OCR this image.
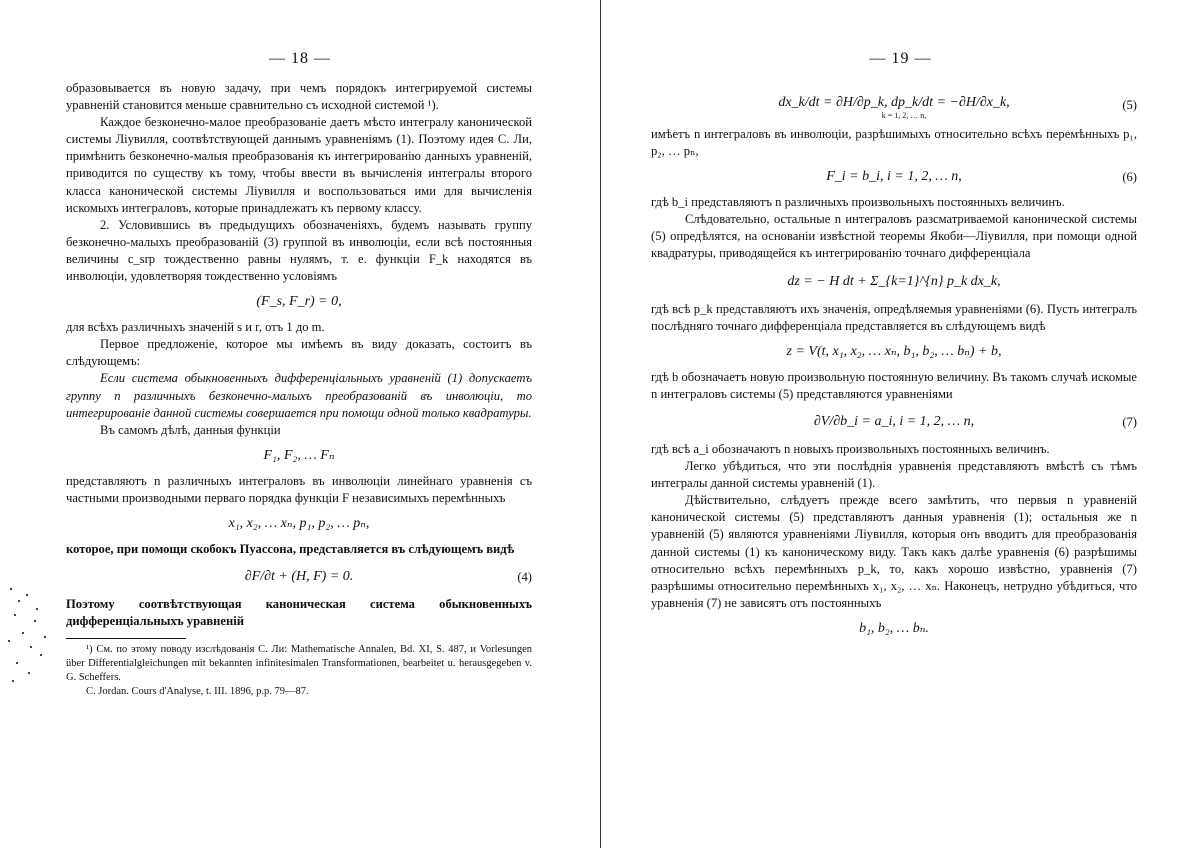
— 18 —

образовывается въ новую задачу, при чемъ порядокъ интегрируемой системы уравненій становится меньше сравнительно съ исходной системой ¹).

Каждое безконечно-малое преобразованіе даетъ мѣсто интегралу канонической системы Ліувилля, соотвѣтствующей даннымъ уравненіямъ (1). Поэтому идея С. Ли, примѣнить безконечно-малыя преобразованія къ интегрированію данныхъ уравненій, приводится по существу къ тому, чтобы ввести въ вычисленія интегралы второго класса канонической системы Ліувилля и воспользоваться ими для вычисленія искомыхъ интеграловъ, которые принадлежатъ къ первому классу.

2. Условившись въ предыдущихъ обозначеніяхъ, будемъ называть группу безконечно-малыхъ преобразованій (3) группой въ инволюціи, если всѣ постоянныя величины c_srp тождественно равны нулямъ, т. е. функціи F_k находятся въ инволюціи, удовлетворяя тождественно условіямъ

(F_s, F_r) = 0,

для всѣхъ различныхъ значеній s и r, отъ 1 до m.

Первое предложеніе, которое мы имѣемъ въ виду доказать, состоитъ въ слѣдующемъ:

Если система обыкновенныхъ дифференціальныхъ уравненій (1) допускаетъ группу n различныхъ безконечно-малыхъ преобразованій въ инволюціи, то интегрированіе данной системы совершается при помощи одной только квадратуры.

Въ самомъ дѣлѣ, данныя функціи

F₁, F₂, … Fₙ

представляютъ n различныхъ интеграловъ въ инволюціи линейнаго уравненія съ частными производными перваго порядка функціи F независимыхъ перемѣнныхъ

x₁, x₂, … xₙ, p₁, p₂, … pₙ,

которое, при помощи скобокъ Пуассона, представляется въ слѣдующемъ видѣ

∂F/∂t + (H, F) = 0.	(4)

Поэтому соотвѣтствующая каноническая система обыкновенныхъ дифференціальныхъ уравненій

¹) См. по этому поводу изслѣдованія С. Ли: Mathematische Annalen, Bd. XI, S. 487, и Vorlesungen über Differentialgleichungen mit bekannten infinitesimalen Transformationen, bearbeitet u. herausgegeben v. G. Scheffers.

C. Jordan. Cours d'Analyse, t. III. 1896, p.p. 79—87.

— 19 —
dx_k/dt = ∂H/∂p_k, dp_k/dt = −∂H/∂x_k,
k = 1, 2, … n,
(5)

имѣетъ n интеграловъ въ инволюціи, разрѣшимыхъ относительно всѣхъ перемѣнныхъ p₁, p₂, … pₙ,

F_i = b_i, i = 1, 2, … n,	(6)

гдѣ b_i представляютъ n различныхъ произвольныхъ постоянныхъ величинъ.

Слѣдовательно, остальные n интеграловъ разсматриваемой канонической системы (5) опредѣлятся, на основаніи извѣстной теоремы Якоби—Ліувилля, при помощи одной квадратуры, приводящейся къ интегрированію точнаго дифференціала

dz = − H dt + Σ_{k=1}^{n} p_k dx_k,

гдѣ всѣ p_k представляютъ ихъ значенія, опредѣляемыя уравненіями (6). Пусть интегралъ послѣдняго точнаго дифференціала представляется въ слѣдующемъ видѣ

z = V(t, x₁, x₂, … xₙ, b₁, b₂, … bₙ) + b,

гдѣ b обозначаетъ новую произвольную постоянную величину. Въ такомъ случаѣ искомые n интеграловъ системы (5) представляются уравненіями

∂V/∂b_i = a_i, i = 1, 2, … n,	(7)

гдѣ всѣ a_i обозначаютъ n новыхъ произвольныхъ постоянныхъ величинъ.

Легко убѣдиться, что эти послѣднія уравненія представляютъ вмѣстѣ съ тѣмъ интегралы данной системы уравненій (1).

Дѣйствительно, слѣдуетъ прежде всего замѣтить, что первыя n уравненій канонической системы (5) представляютъ данныя уравненія (1); остальныя же n уравненій (5) являются уравненіями Ліувилля, которыя онъ вводитъ для преобразованія данной системы (1) къ каноническому виду. Такъ какъ далѣе уравненія (6) разрѣшимы относительно всѣхъ перемѣнныхъ p_k, то, какъ хорошо извѣстно, уравненія (7) разрѣшимы относительно перемѣнныхъ x₁, x₂, … xₙ. Наконецъ, нетрудно убѣдиться, что уравненія (7) не зависятъ отъ постоянныхъ

b₁, b₂, … bₙ.
